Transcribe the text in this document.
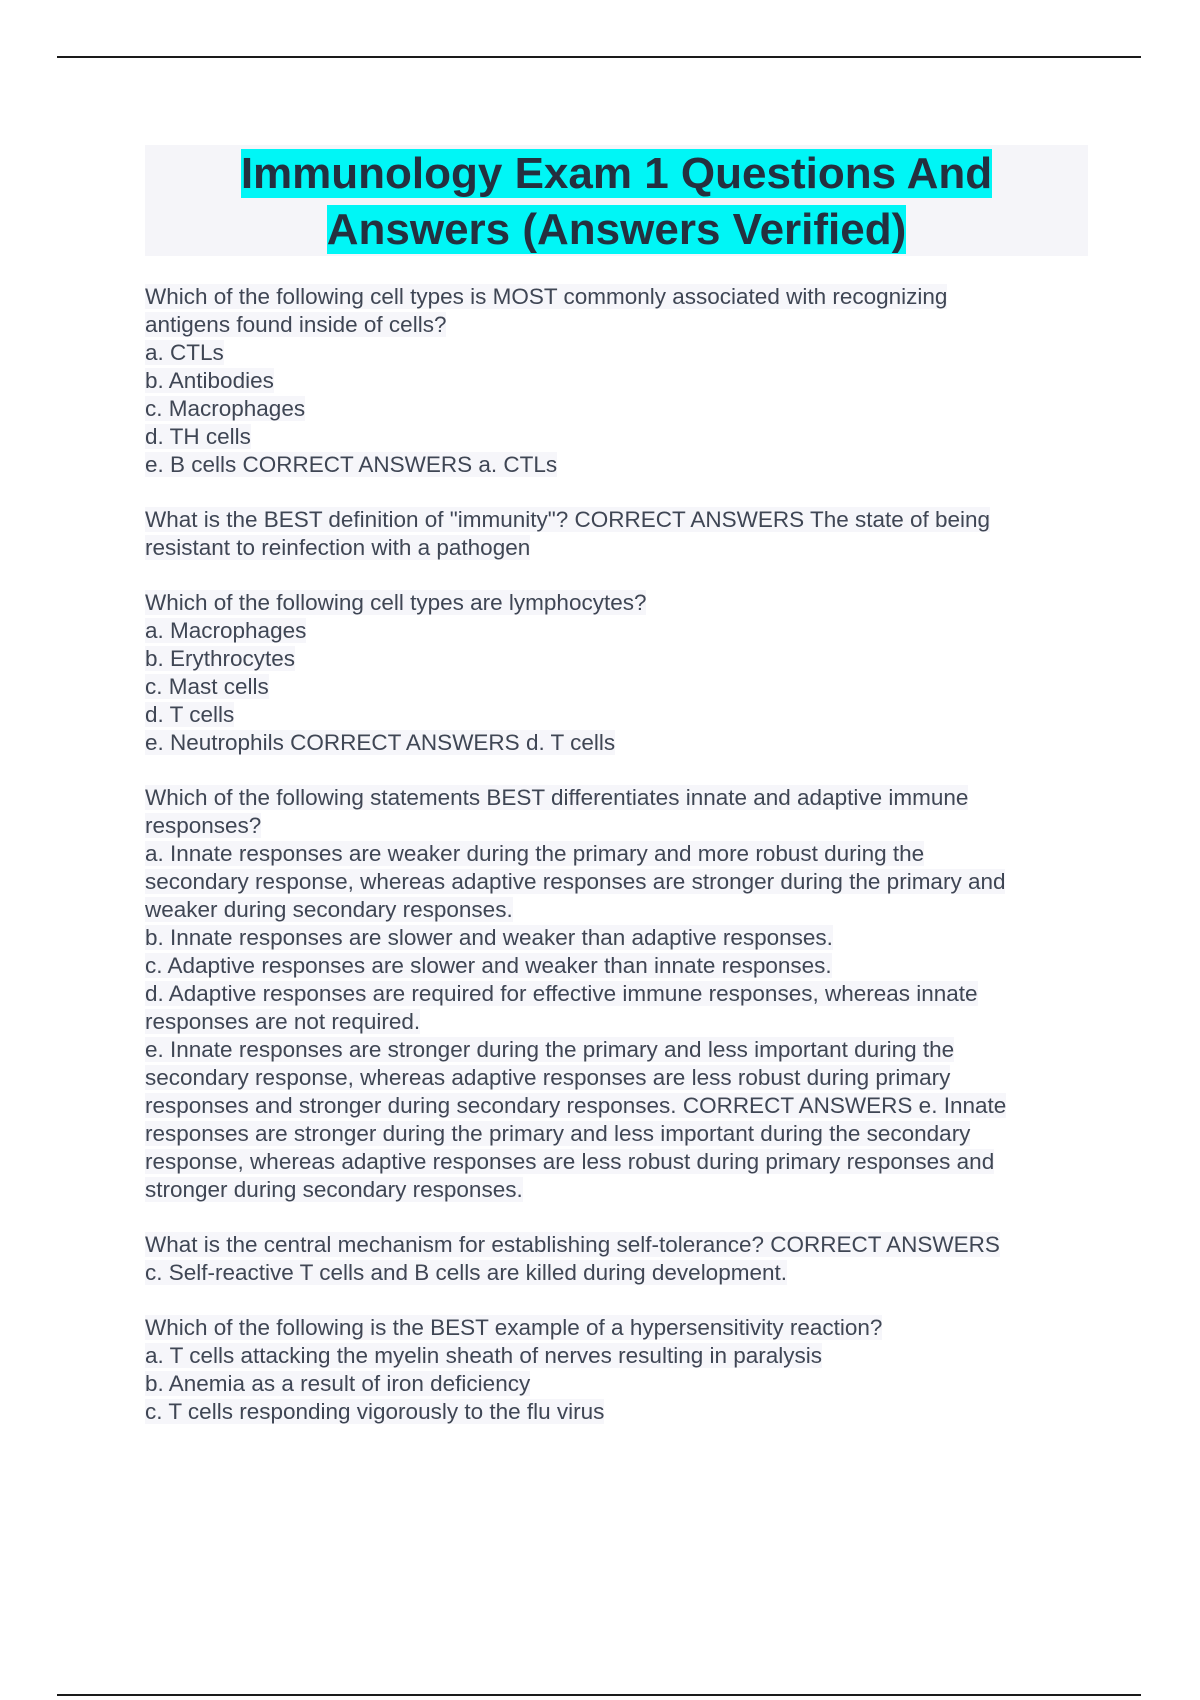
Immunology Exam 1 Questions And
Answers (Answers Verified)
Which of the following cell types is MOST commonly associated with recognizing
antigens found inside of cells?
a. CTLs
b. Antibodies
c. Macrophages
d. TH cells
e. B cells CORRECT ANSWERS a. CTLs
What is the BEST definition of "immunity"? CORRECT ANSWERS The state of being
resistant to reinfection with a pathogen
Which of the following cell types are lymphocytes?
a. Macrophages
b. Erythrocytes
c. Mast cells
d. T cells
e. Neutrophils CORRECT ANSWERS d. T cells
Which of the following statements BEST differentiates innate and adaptive immune
responses?
a. Innate responses are weaker during the primary and more robust during the
secondary response, whereas adaptive responses are stronger during the primary and
weaker during secondary responses.
b. Innate responses are slower and weaker than adaptive responses.
c. Adaptive responses are slower and weaker than innate responses.
d. Adaptive responses are required for effective immune responses, whereas innate
responses are not required.
e. Innate responses are stronger during the primary and less important during the
secondary response, whereas adaptive responses are less robust during primary
responses and stronger during secondary responses. CORRECT ANSWERS e. Innate
responses are stronger during the primary and less important during the secondary
response, whereas adaptive responses are less robust during primary responses and
stronger during secondary responses.
What is the central mechanism for establishing self-tolerance? CORRECT ANSWERS
c. Self-reactive T cells and B cells are killed during development.
Which of the following is the BEST example of a hypersensitivity reaction?
a. T cells attacking the myelin sheath of nerves resulting in paralysis
b. Anemia as a result of iron deficiency
c. T cells responding vigorously to the flu virus
